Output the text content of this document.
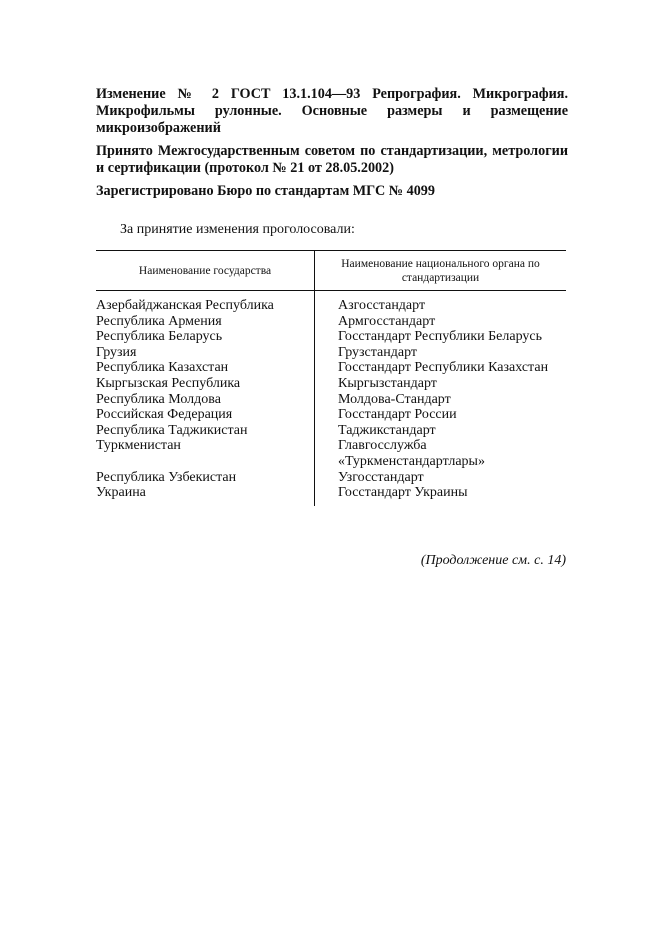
Изменение № 2 ГОСТ 13.1.104—93 Репрография. Микрография. Микрофильмы рулонные. Основные размеры и размещение микроизображений

Принято Межгосударственным советом по стандартизации, метрологии и сертификации (протокол № 21 от 28.05.2002)

Зарегистрировано Бюро по стандартам МГС № 4099

За принятие изменения проголосовали:

Наименование государства	Наименование национального органа по стандартизации
Азербайджанская Республика	Азгосстандарт
Республика Армения	Армгосстандарт
Республика Беларусь	Госстандарт Республики Беларусь
Грузия	Грузстандарт
Республика Казахстан	Госстандарт Республики Казахстан
Кыргызская Республика	Кыргызстандарт
Республика Молдова	Молдова-Стандарт
Российская Федерация	Госстандарт России
Республика Таджикистан	Таджикстандарт
Туркменистан	Главгосслужба «Туркменстандартлары»
Республика Узбекистан	Узгосстандарт
Украина	Госстандарт Украины

(Продолжение см. с. 14)
